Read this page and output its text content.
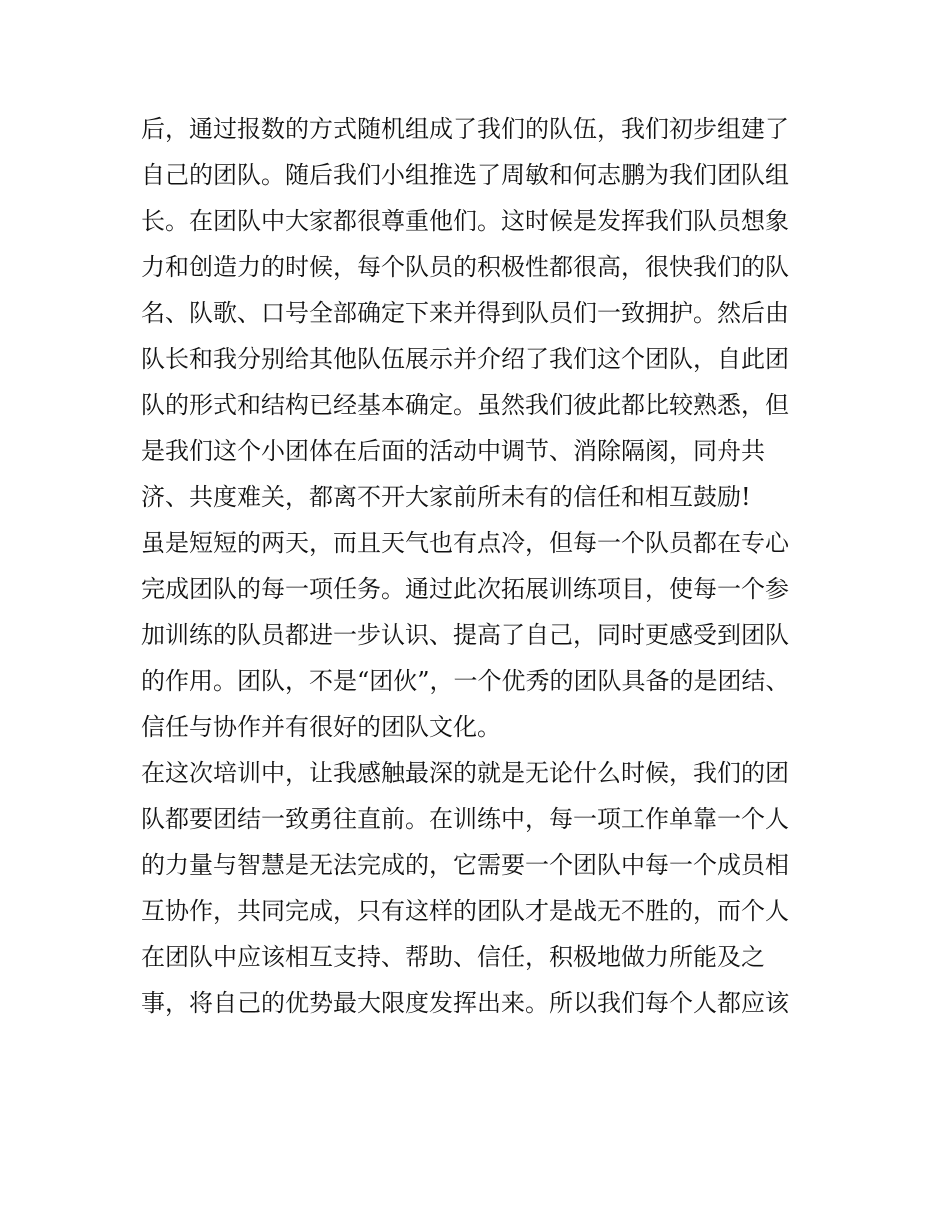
后，通过报数的方式随机组成了我们的队伍，我们初步组建了
自己的团队。随后我们小组推选了周敏和何志鹏为我们团队组
长。在团队中大家都很尊重他们。这时候是发挥我们队员想象
力和创造力的时候，每个队员的积极性都很高，很快我们的队
名、队歌、口号全部确定下来并得到队员们一致拥护。然后由
队长和我分别给其他队伍展示并介绍了我们这个团队，自此团
队的形式和结构已经基本确定。虽然我们彼此都比较熟悉，但
是我们这个小团体在后面的活动中调节、消除隔阂，同舟共
济、共度难关，都离不开大家前所未有的信任和相互鼓励!
虽是短短的两天，而且天气也有点冷，但每一个队员都在专心
完成团队的每一项任务。通过此次拓展训练项目，使每一个参
加训练的队员都进一步认识、提高了自己，同时更感受到团队
的作用。团队，不是“团伙”，一个优秀的团队具备的是团结、
信任与协作并有很好的团队文化。
在这次培训中，让我感触最深的就是无论什么时候，我们的团
队都要团结一致勇往直前。在训练中，每一项工作单靠一个人
的力量与智慧是无法完成的，它需要一个团队中每一个成员相
互协作，共同完成，只有这样的团队才是战无不胜的，而个人
在团队中应该相互支持、帮助、信任，积极地做力所能及之
事，将自己的优势最大限度发挥出来。所以我们每个人都应该
